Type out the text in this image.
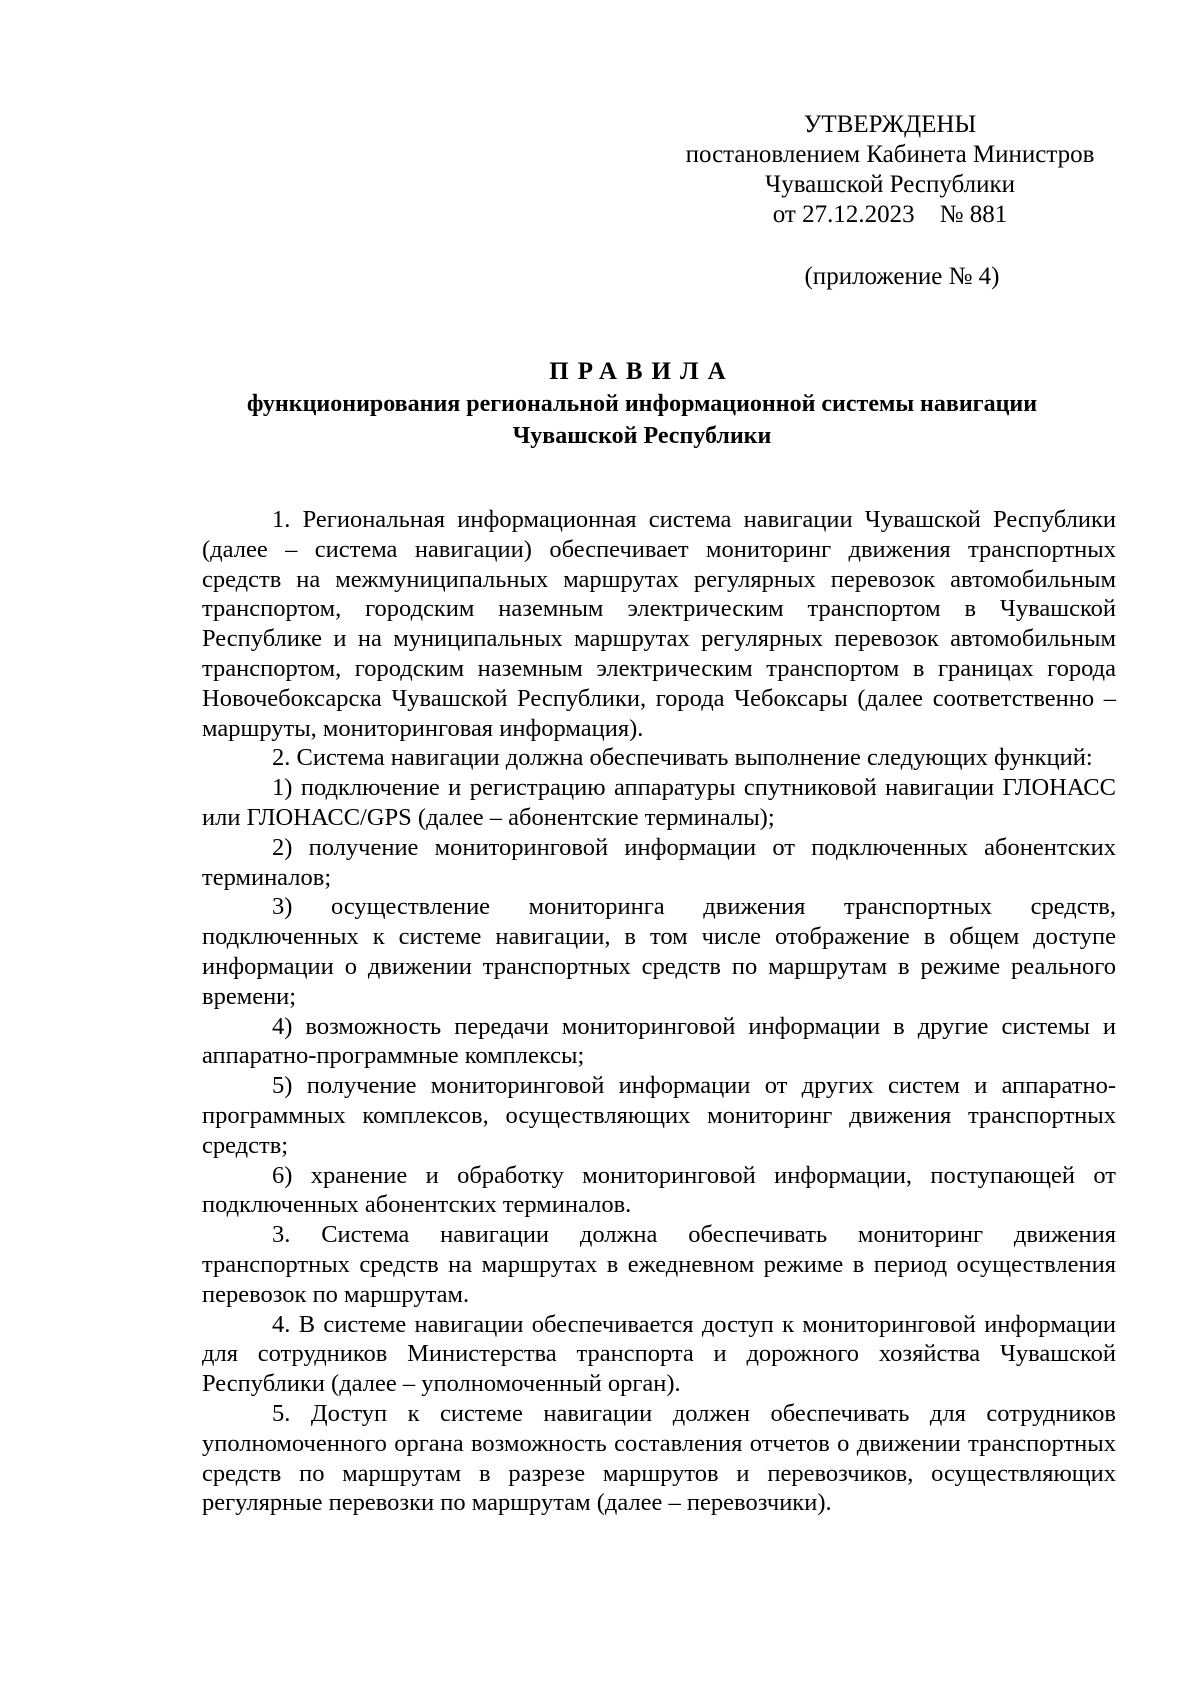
УТВЕРЖДЕНЫ
постановлением Кабинета Министров
Чувашской Республики
от 27.12.2023    № 881
(приложение № 4)
ПРАВИЛА
функционирования региональной информационной системы навигации
Чувашской Республики

1. Региональная информационная система навигации Чувашской Республики (далее – система навигации) обеспечивает мониторинг движения транспортных средств на межмуниципальных маршрутах регулярных перевозок автомобильным транспортом, городским наземным электрическим транспортом в Чувашской Республике и на муниципальных маршрутах регулярных перевозок автомобильным транспортом, городским наземным электрическим транспортом в границах города Новочебоксарска Чувашской Республики, города Чебоксары (далее соответственно – маршруты, мониторинговая информация).

2. Система навигации должна обеспечивать выполнение следующих функций:

1) подключение и регистрацию аппаратуры спутниковой навигации ГЛОНАСС или ГЛОНАСС/GPS (далее – абонентские терминалы);

2) получение мониторинговой информации от подключенных абонентских терминалов;

3) осуществление мониторинга движения транспортных средств, подключенных к системе навигации, в том числе отображение в общем доступе информации о движении транспортных средств по маршрутам в режиме реального времени;

4) возможность передачи мониторинговой информации в другие системы и аппаратно-программные комплексы;

5) получение мониторинговой информации от других систем и аппаратно-программных комплексов, осуществляющих мониторинг движения транспортных средств;

6) хранение и обработку мониторинговой информации, поступающей от подключенных абонентских терминалов.

3. Система навигации должна обеспечивать мониторинг движения транспортных средств на маршрутах в ежедневном режиме в период осуществления перевозок по маршрутам.

4. В системе навигации обеспечивается доступ к мониторинговой информации для сотрудников Министерства транспорта и дорожного хозяйства Чувашской Республики (далее – уполномоченный орган).

5. Доступ к системе навигации должен обеспечивать для сотрудников уполномоченного органа возможность составления отчетов о движении транспортных средств по маршрутам в разрезе маршрутов и перевозчиков, осуществляющих регулярные перевозки по маршрутам (далее – перевозчики).
